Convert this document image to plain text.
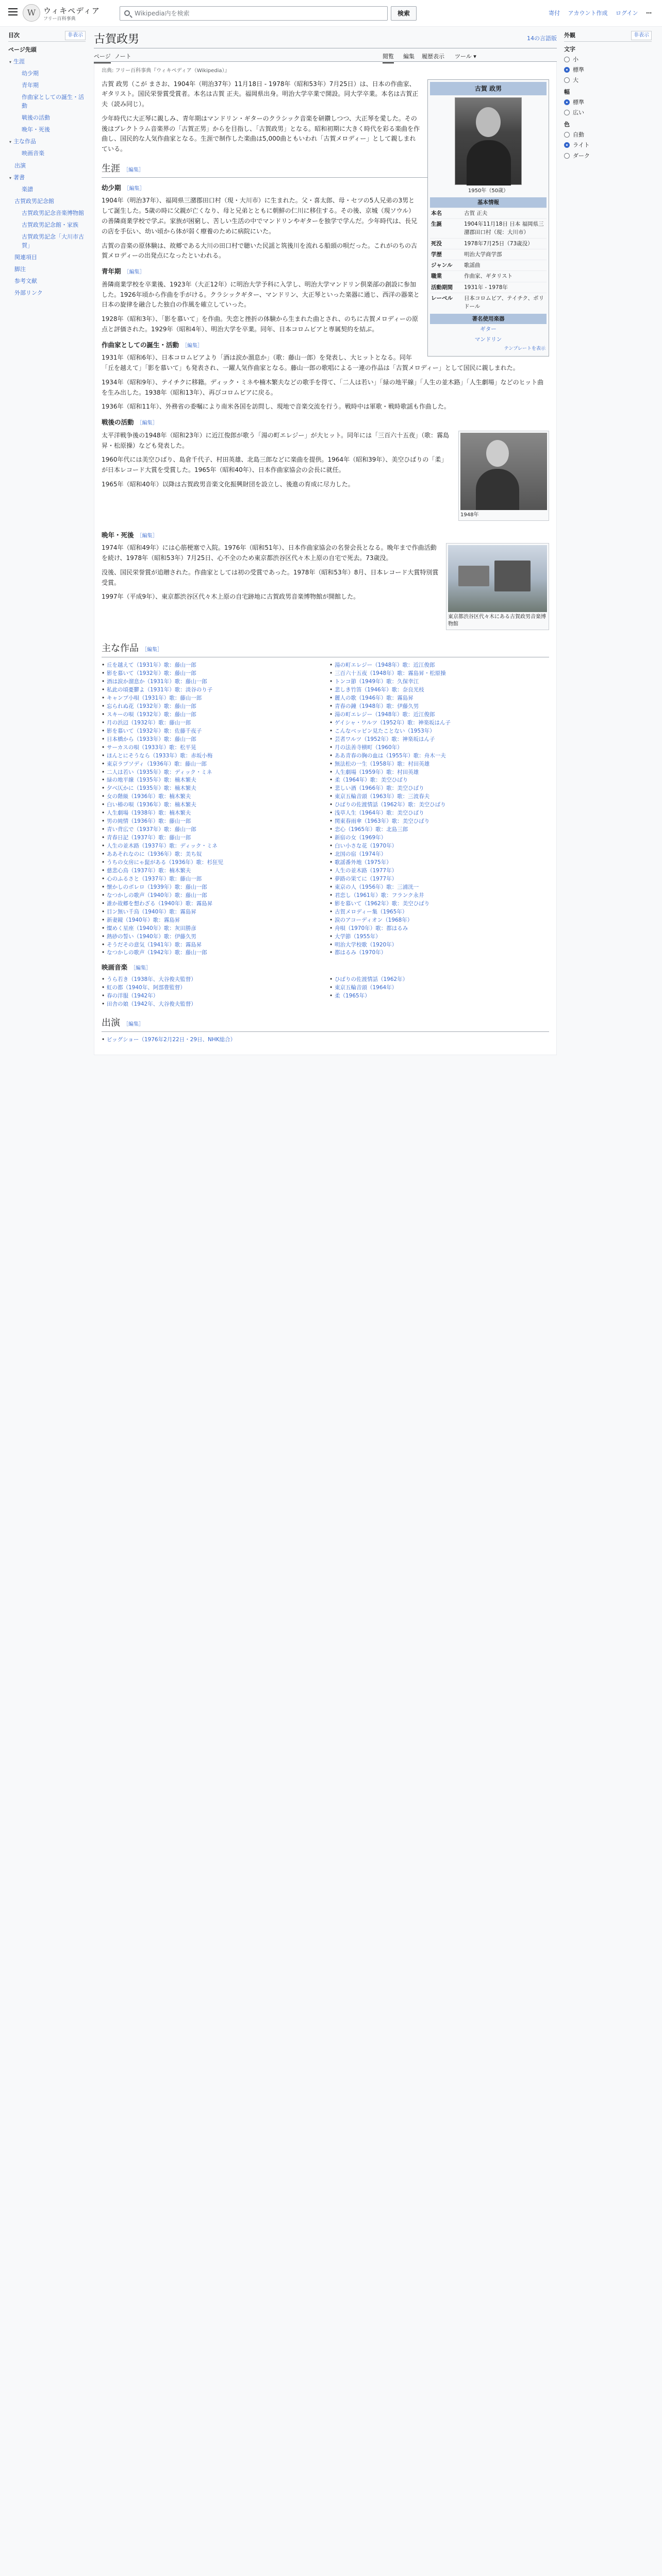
W ウィキペディア
フリー百科事典
Wikipedia内を検索	検索	寄付 アカウント作成 ログイン ⋯
目次	非表示
ページ先頭
▾ 生涯
幼少期
青年期
作曲家としての誕生・活動
戦後の活動
晩年・死後
▾ 主な作品
映画音楽
出演
▾ 著書
楽譜
古賀政男記念館
古賀政男記念音楽博物館
古賀政男記念館・家族
古賀政男記念「大川市古賀」
関連項目
脚注
参考文献
外部リンク
古賀政男	14の言語版
ページ ノート	閲覧 編集 履歴表示 ツール ▾
出典: フリー百科事典『ウィキペディア（Wikipedia）』
古賀 政男
1950年（50歳）
基本情報
本名	古賀 正夫
生誕	1904年11月18日 日本 福岡県三潴郡田口村（現：大川市）
死没	1978年7月25日（73歳没）
学歴	明治大学商学部
ジャンル	歌謡曲
職業	作曲家、ギタリスト
活動期間	1931年 - 1978年
レーベル	日本コロムビア、テイチク、ポリドール
著名使用楽器
ギター
マンドリン
テンプレートを表示

古賀 政男（こが まさお、1904年（明治37年）11月18日 - 1978年（昭和53年）7月25日）は、日本の作曲家、ギタリスト。国民栄誉賞受賞者。本名は古賀 正夫。福岡県出身。明治大学卒業で開設。同大学卒業。本名は古賀正夫（読み同じ）。

少年時代に大正琴に親しみ、青年期はマンドリン・ギターのクラシック音楽を研鑽しつつ、大正琴を愛した。その後はプレクトラム音楽界の「古賀正男」からを目指し、「古賀政男」となる。昭和初期に大きく時代を彩る楽曲を作曲し、国民的な人気作曲家となる。生涯で制作した楽曲は5,000曲ともいわれ「古賀メロディー」として親しまれている。

生涯 ［編集］
幼少期 ［編集］

1904年（明治37年）、福岡県三潴郡田口村（現・大川市）に生まれた。父・喜太郎、母・セツの5人兄弟の3男として誕生した。5歳の時に父親が亡くなり、母と兄弟とともに朝鮮の仁川に移住する。その後、京城（現ソウル）の善隣商業学校で学ぶ。家族が困窮し、苦しい生活の中でマンドリンやギターを独学で学んだ。少年時代は、長兄の店を手伝い、幼い頃から体が弱く療養のために病院にいた。

古賀の音楽の原体験は、故郷である大川の田口村で聴いた民謡と筑後川を流れる船頭の唄だった。これがのちの古賀メロディーの出発点になったといわれる。

青年期 ［編集］

善隣商業学校を卒業後、1923年（大正12年）に明治大学予科に入学し、明治大学マンドリン倶楽部の創設に参加した。1926年頃から作曲を手がける。クラシックギター、マンドリン、大正琴といった楽器に通じ、西洋の器楽と日本の旋律を融合した独自の作風を確立していった。

1928年（昭和3年）、「影を慕いて」を作曲。失恋と挫折の体験から生まれた曲とされ、のちに古賀メロディーの原点と評価された。1929年（昭和4年）、明治大学を卒業。同年、日本コロムビアと専属契約を結ぶ。

作曲家としての誕生・活動 ［編集］

1931年（昭和6年）、日本コロムビアより「酒は涙か溜息か」（歌：藤山一郎）を発表し、大ヒットとなる。同年「丘を越えて」「影を慕いて」も発表され、一躍人気作曲家となる。藤山一郎の歌唱による一連の作品は「古賀メロディー」として国民に親しまれた。

1934年（昭和9年）、テイチクに移籍。ディック・ミネや楠木繁夫などの歌手を得て、「二人は若い」「緑の地平線」「人生の並木路」「人生劇場」などのヒット曲を生み出した。1938年（昭和13年）、再びコロムビアに戻る。

1936年（昭和11年）、外務省の委嘱により南米各国を訪問し、現地で音楽交流を行う。戦時中は軍歌・戦時歌謡も作曲した。

戦後の活動 ［編集］
1948年

太平洋戦争後の1948年（昭和23年）に近江俊郎が歌う「湯の町エレジー」が大ヒット。同年には「三百六十五夜」（歌：霧島昇・松原操）なども発表した。

1960年代には美空ひばり、島倉千代子、村田英雄、北島三郎などに楽曲を提供。1964年（昭和39年）、美空ひばりの「柔」が日本レコード大賞を受賞した。1965年（昭和40年）、日本作曲家協会の会長に就任。

1965年（昭和40年）以降は古賀政男音楽文化振興財団を設立し、後進の育成に尽力した。

晩年・死後 ［編集］
東京都渋谷区代々木にある古賀政男音楽博物館

1974年（昭和49年）には心筋梗塞で入院。1976年（昭和51年）、日本作曲家協会の名誉会長となる。晩年まで作曲活動を続け、1978年（昭和53年）7月25日、心不全のため東京都渋谷区代々木上原の自宅で死去。73歳没。

没後、国民栄誉賞が追贈された。作曲家としては初の受賞であった。1978年（昭和53年）8月、日本レコード大賞特別賞受賞。

1997年（平成9年）、東京都渋谷区代々木上原の自宅跡地に古賀政男音楽博物館が開館した。

主な作品 ［編集］
• 丘を越えて（1931年）歌：藤山一郎
• 影を慕いて（1932年）歌：藤山一郎
• 酒は涙か溜息か（1931年）歌：藤山一郎
• 私此の頃憂鬱よ（1931年）歌：淡谷のり子
• キャンプ小唄（1931年）歌：藤山一郎
• 忘られぬ花（1932年）歌：藤山一郎
• スキーの唄（1932年）歌：藤山一郎
• 月の浜辺（1932年）歌：藤山一郎
• 影を慕いて（1932年）歌：佐藤千夜子
• 日本橋から（1933年）歌：藤山一郎
• サーカスの唄（1933年）歌：松平晃
• ほんとにそうなら（1933年）歌：赤坂小梅
• 東京ラプソディ（1936年）歌：藤山一郎
• 二人は若い（1935年）歌：ディック・ミネ
• 緑の地平線（1935年）歌：楠木繁夫
• 夕べ仄かに（1935年）歌：楠木繁夫
• 女の階級（1936年）歌：楠木繁夫
• 白い椿の唄（1936年）歌：楠木繁夫
• 人生劇場（1938年）歌：楠木繁夫
• 男の純情（1936年）歌：藤山一郎
• 青い背広で（1937年）歌：藤山一郎
• 青春日記（1937年）歌：藤山一郎
• 人生の並木路（1937年）歌：ディック・ミネ
• ああそれなのに（1936年）歌：美ち奴
• うちの女房にゃ髭がある（1936年）歌：杉狂児
• 慈悲心鳥（1937年）歌：楠木繁夫
• 心のふるさと（1937年）歌：藤山一郎
• 懐かしのボレロ（1939年）歌：藤山一郎
• なつかしの歌声（1940年）歌：藤山一郎
• 誰か故郷を想わざる（1940年）歌：霧島昇
• 目ン無い千鳥（1940年）歌：霧島昇
• 新妻鏡（1940年）歌：霧島昇
• 燦めく星座（1940年）歌：灰田勝彦
• 熱砂の誓い（1940年）歌：伊藤久男
• そうだその意気（1941年）歌：霧島昇
• なつかしの歌声（1942年）歌：藤山一郎
• 湯の町エレジー（1948年）歌：近江俊郎
• 三百六十五夜（1948年）歌：霧島昇・松原操
• トンコ節（1949年）歌：久保幸江
• 悲しき竹笛（1946年）歌：奈良光枝
• 麗人の歌（1946年）歌：霧島昇
• 青春の鐘（1948年）歌：伊藤久男
• 湯の町エレジー（1948年）歌：近江俊郎
• ゲイシャ・ワルツ（1952年）歌：神楽坂はん子
• こんなベッピン見たことない（1953年）
• 芸者ワルツ（1952年）歌：神楽坂はん子
• 月の法善寺横町（1960年）
• ああ青春の胸の血は（1955年）歌：舟木一夫
• 無法松の一生（1958年）歌：村田英雄
• 人生劇場（1959年）歌：村田英雄
• 柔（1964年）歌：美空ひばり
• 悲しい酒（1966年）歌：美空ひばり
• 東京五輪音頭（1963年）歌：三波春夫
• ひばりの佐渡情話（1962年）歌：美空ひばり
• 浅草人生（1964年）歌：美空ひばり
• 関東春雨傘（1963年）歌：美空ひばり
• 恋心（1965年）歌：北島三郎
• 新宿の女（1969年）
• 白い小さな花（1970年）
• 北国の宿（1974年）
• 歌謡番外地（1975年）
• 人生の並木路（1977年）
• 夢路の果てに（1977年）
• 東京の人（1956年）歌：三浦洸一
• 君恋し（1961年）歌：フランク永井
• 影を慕いて（1962年）歌：美空ひばり
• 古賀メロディー集（1965年）
• 涙のアコーディオン（1968年）
• 舟唄（1970年）歌：都はるみ
• 大学節（1955年）
• 明治大学校歌（1920年）
• 都はるみ（1970年）
映画音楽 ［編集］
• うら若き（1938年、大谷俊夫監督）
• 虹の都（1940年、阿部豊監督）
• 春の洋服（1942年）
• 田舎の娘（1942年、大谷俊夫監督）
• ひばりの佐渡情話（1962年）
• 東京五輪音頭（1964年）
• 柔（1965年）
出演 ［編集］
• ビッグショー（1976年2月22日・29日、NHK総合）
外観	非表示
文字
小
標準
大
幅
標準
広い
色
自動
ライト
ダーク
